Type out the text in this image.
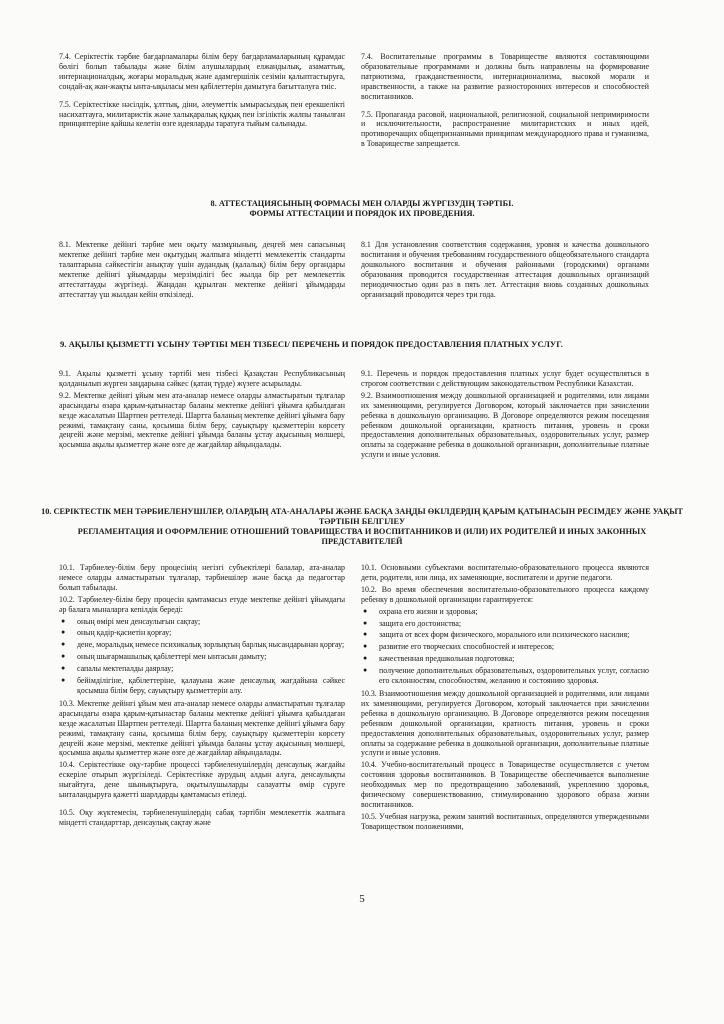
7.4. Серіктестік тәрбие бағдарламалары білім беру бағдарламаларының құрамдас бөлігі болып табылады және білім алушылардың елжандылық, азаматтық, интернационалдық, жоғары моральдық және адамгершілік сезімін қалыптастыруға, сондай-ақ жан-жақты ынта-ықыласы мен қабілеттерін дамытуға бағытталуға тиіс.

7.5. Серіктестікке нәсілдік, ұлттық, діни, әлеуметтік ымырасыздық пен ерекшелікті насихаттауға, милитаристік және халықаралық құқық пен ізгіліктік жалпы танылған принциптеріне қайшы келетін өзге идеяларды таратуға тыйым салынады.

7.4. Воспитательные программы в Товариществе являются составляющими образовательные программами и должны быть направлены на формирование патриотизма, гражданственности, интернационализма, высокой морали и нравственности, а также на развитие разносторонних интересов и способностей воспитанников.

7.5. Пропаганда расовой, национальной, религиозной, социальной непримиримости и исключительности, распространение милитаристских и иных идей, противоречащих общепризнанными принципам международного права и гуманизма, в Товариществе запрещается.

8. АТТЕСТАЦИЯСЫНЫҢ ФОРМАСЫ МЕН ОЛАРДЫ ЖҮРГІЗУДІҢ ТӘРТІБІ.
ФОРМЫ АТТЕСТАЦИИ И ПОРЯДОК ИХ ПРОВЕДЕНИЯ.

8.1. Мектепке дейінгі тәрбие мен оқыту мазмұнының, деңгей мен сапасының мектепке дейінгі тәрбие мен оқытудың жалпыға міндетті мемлекеттік стандарты талаптарына сәйкестігін анықтау үшін аудандық (қалалық) білім беру органдары мектепке дейінгі ұйымдарды мерзімділігі бес жылда бір рет мемлекеттік аттестаттауды жүргізеді. Жаңадан құрылған мектепке дейінгі ұйымдарды аттестаттау үш жылдан кейін өткізіледі.

8.1 Для установления соответствия содержания, уровня и качества дошкольного воспитания и обучения требованиям государственного общеобязательного стандарта дошкольного воспитания и обучения районными (городскими) органами образования проводится государственная аттестация дошкольных организаций периодичностью один раз в пять лет. Аттестация вновь созданных дошкольных организаций проводится через три года.

9. АҚЫЛЫ ҚЫЗМЕТТІ ҰСЫНУ ТӘРТІБІ МЕН ТІЗБЕСІ/ ПЕРЕЧЕНЬ И ПОРЯДОК ПРЕДОСТАВЛЕНИЯ ПЛАТНЫХ УСЛУГ.

9.1. Ақылы қызметті ұсыну тәртібі мен тізбесі Қазақстан Республикасының қолданылып жүрген заңдарына сәйкес (қатаң түрде) жүзеге асырылады.

9.2. Мектепке дейінгі ұйым мен ата-аналар немесе оларды алмастыратын тұлғалар арасындағы өзара қарым-қатынастар баланы мектепке дейінгі ұйымға қабылдаған кезде жасалатын Шартпен реттеледі. Шартта баланың мектепке дейінгі ұйымға бару режимі, тамақтану саны, қосымша білім беру, сауықтыру қызметтерін көрсету деңгейі және мерзімі, мектепке дейінгі ұйымда баланы ұстау ақысының мөлшері, қосымша ақылы қызметтер және өзге де жағдайлар айқындалады.

9.1. Перечень и порядок предоставления платных услуг будет осуществляться в строгом соответствии с действующим законодательством Республики Казахстан.

9.2. Взаимоотношения между дошкольной организацией и родителями, или лицами их заменяющими, регулируется Договором, который заключается при зачислении ребенка в дошкольную организацию. В Договоре определяются режим посещения ребенком дошкольной организации, кратность питания, уровень и сроки предоставления дополнительных образовательных, оздоровительных услуг, размер оплаты за содержание ребенка в дошкольной организации, дополнительные платные услуги и иные условия.

10. СЕРІКТЕСТІК МЕН ТӘРБИЕЛЕНУШІЛЕР, ОЛАРДЫҢ АТА-АНАЛАРЫ ЖӘНЕ БАСҚА ЗАҢДЫ ӨКІЛДЕРДІҢ ҚАРЫМ ҚАТЫНАСЫН РЕСІМДЕУ ЖӘНЕ УАҚЫТ ТӘРТІБІН БЕЛГІЛЕУ
РЕГЛАМЕНТАЦИЯ И ОФОРМЛЕНИЕ ОТНОШЕНИЙ ТОВАРИЩЕСТВА И ВОСПИТАННИКОВ И (ИЛИ) ИХ РОДИТЕЛЕЙ И ИНЫХ ЗАКОННЫХ ПРЕДСТАВИТЕЛЕЙ

10.1. Тәрбиелеу-білім беру процесінің негізгі субъектілері балалар, ата-аналар немесе оларды алмастыратын тұлғалар, тәрбиешілер және басқа да педагогтар болып табылады.

10.2. Тәрбиелеу-білім беру процесін қамтамасыз етуде мектепке дейінгі ұйымдағы әр балаға мыналарға кепілдік береді:

● оның өмірі мен денсаулығын сақтау;
● оның қадір-қасиетін қорғау;
● дене, моральдық немесе психикалық зорлықтың барлық нысандарынан қорғау;
● оның шығармашылық қабілеттері мен ынтасын дамыту;
● сапалы мектепалды даярлау;
● бейімділігіне, қабілеттеріне, қалауына және денсаулық жағдайына сәйкес қосымша білім беру, сауықтыру қызметтерін алу.

10.3. Мектепке дейінгі ұйым мен ата-аналар немесе оларды алмастыратын тұлғалар арасындағы өзара қарым-қатынастар баланы мектепке дейінгі ұйымға қабылдаған кезде жасалатын Шартпен реттеледі. Шартта баланың мектепке дейінгі ұйымға бару режимі, тамақтану саны, қосымша білім беру, сауықтыру қызметтерін көрсету деңгейі және мерзімі, мектепке дейінгі ұйымда баланы ұстау ақысының мөлшері, қосымша ақылы қызметтер және өзге де жағдайлар айқындалады.

10.4. Серіктестікке оқу-тәрбие процессі тәрбиеленушілердің денсаулық жағдайы ескеріле отырып жүргізіледі. Серіктестікке аурудың алдын алуға, денсаулықты нығайтуға, дене шынықтыруға, оқытылушыларды салауатты өмір сүруге ынталандыруға қажетті шарлдарды қамтамасыз етіледі.

10.5. Оқу жүктемесін, тәрбиеленушілердің сабақ тәртібін мемлекеттік жалпыға міндетті стандарттар, денсаулық сақтау және

10.1. Основными субъектами воспитательно-образовательного процесса являются дети, родители, или лица, их заменяющие, воспитатели и другие педагоги.

10.2. Во время обеспечения воспитательно-образовательного процесса каждому ребенку в дошкольной организации гарантируется:

● охрана его жизни и здоровья;
● защита его достоинства;
● защита от всех форм физического, морального или психического насилия;
● развитие его творческих способностей и интересов;
● качественная предшкольная подготовка;
● получение дополнительных образовательных, оздоровительных услуг, согласно его склонностям, способностям, желанию и состоянию здоровья.

10.3. Взаимоотношения между дошкольной организацией и родителями, или лицами их заменяющими, регулируется Договором, который заключается при зачислении ребенка в дошкольную организацию. В Договоре определяются режим посещения ребенком дошкольной организации, кратность питания, уровень и сроки предоставления дополнительных образовательных, оздоровительных услуг, размер оплаты за содержание ребенка в дошкольной организации, дополнительные платные услуги и иные условия.

10.4. Учебно-воспитательный процесс в Товариществе осуществляется с учетом состояния здоровья воспитанников. В Товариществе обеспечивается выполнение необходимых мер по предотвращению заболеваний, укреплению здоровья, физическому совершенствованию, стимулированию здорового образа жизни воспитанников.

10.5. Учебная нагрузка, режим занятий воспитанных, определяются утвержденными Товариществом положениями,

5
